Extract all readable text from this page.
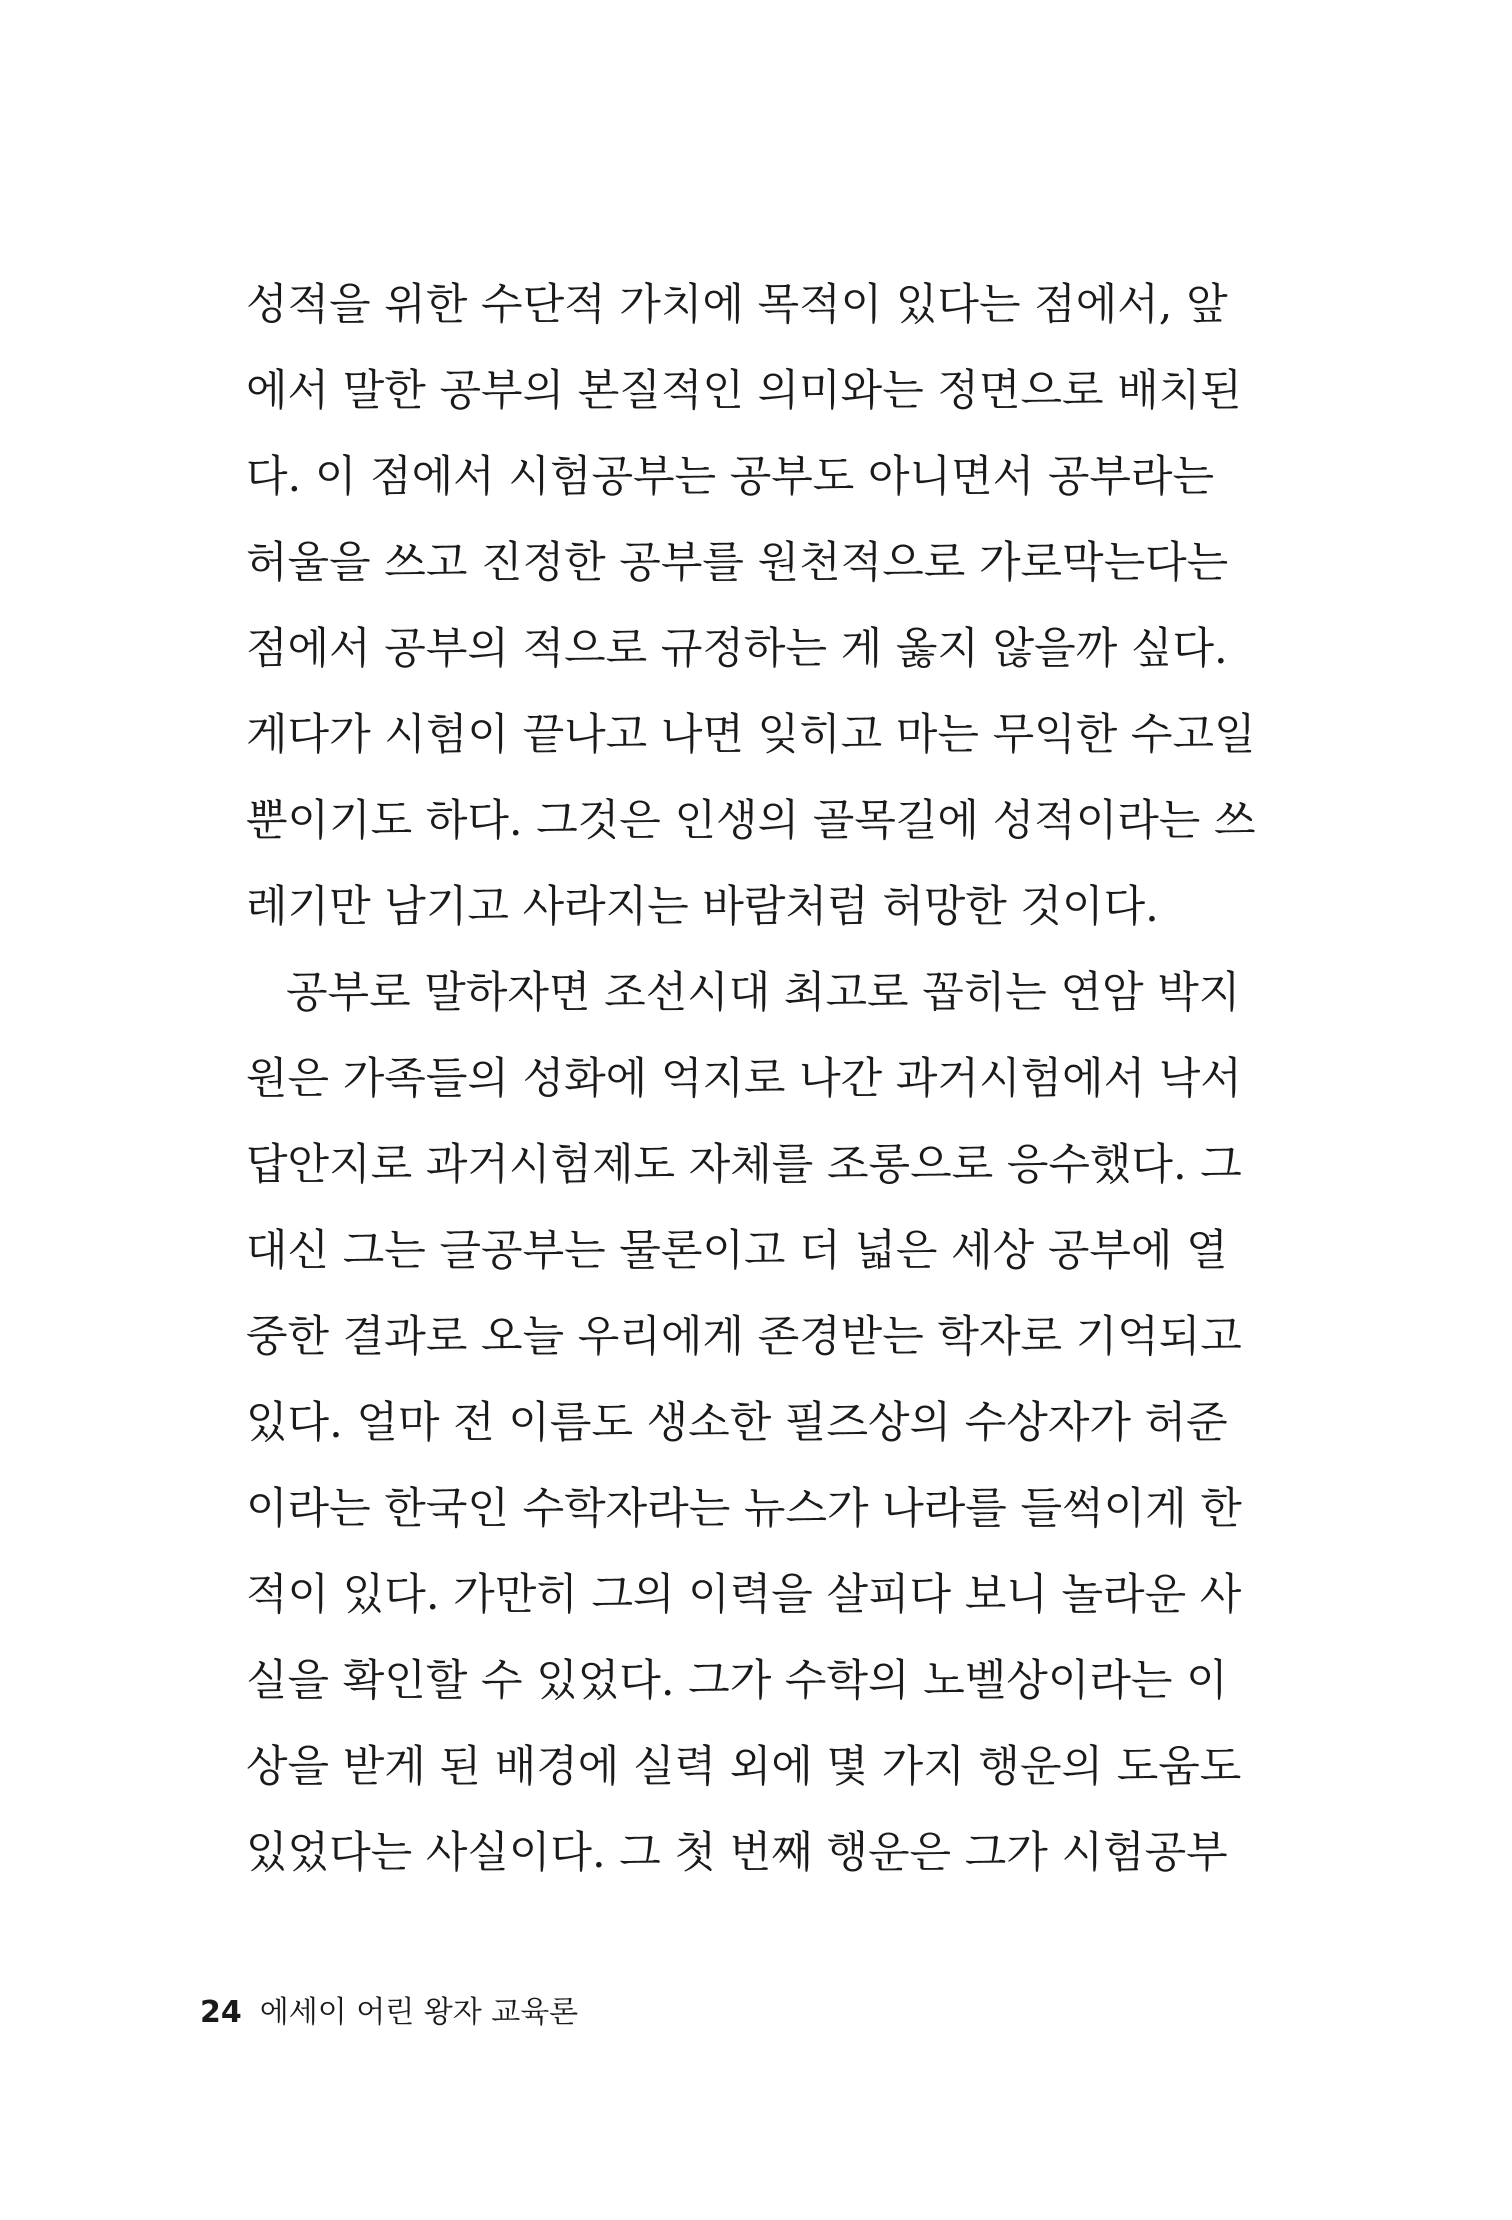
성적을 위한 수단적 가치에 목적이 있다는 점에서, 앞
에서 말한 공부의 본질적인 의미와는 정면으로 배치된
다. 이 점에서 시험공부는 공부도 아니면서 공부라는
허울을 쓰고 진정한 공부를 원천적으로 가로막는다는
점에서 공부의 적으로 규정하는 게 옳지 않을까 싶다.
게다가 시험이 끝나고 나면 잊히고 마는 무익한 수고일
뿐이기도 하다. 그것은 인생의 골목길에 성적이라는 쓰
레기만 남기고 사라지는 바람처럼 허망한 것이다.
공부로 말하자면 조선시대 최고로 꼽히는 연암 박지
원은 가족들의 성화에 억지로 나간 과거시험에서 낙서
답안지로 과거시험제도 자체를 조롱으로 응수했다. 그
대신 그는 글공부는 물론이고 더 넓은 세상 공부에 열
중한 결과로 오늘 우리에게 존경받는 학자로 기억되고
있다. 얼마 전 이름도 생소한 필즈상의 수상자가 허준
이라는 한국인 수학자라는 뉴스가 나라를 들썩이게 한
적이 있다. 가만히 그의 이력을 살피다 보니 놀라운 사
실을 확인할 수 있었다. 그가 수학의 노벨상이라는 이
상을 받게 된 배경에 실력 외에 몇 가지 행운의 도움도
있었다는 사실이다. 그 첫 번째 행운은 그가 시험공부
24 에세이 어린 왕자 교육론
